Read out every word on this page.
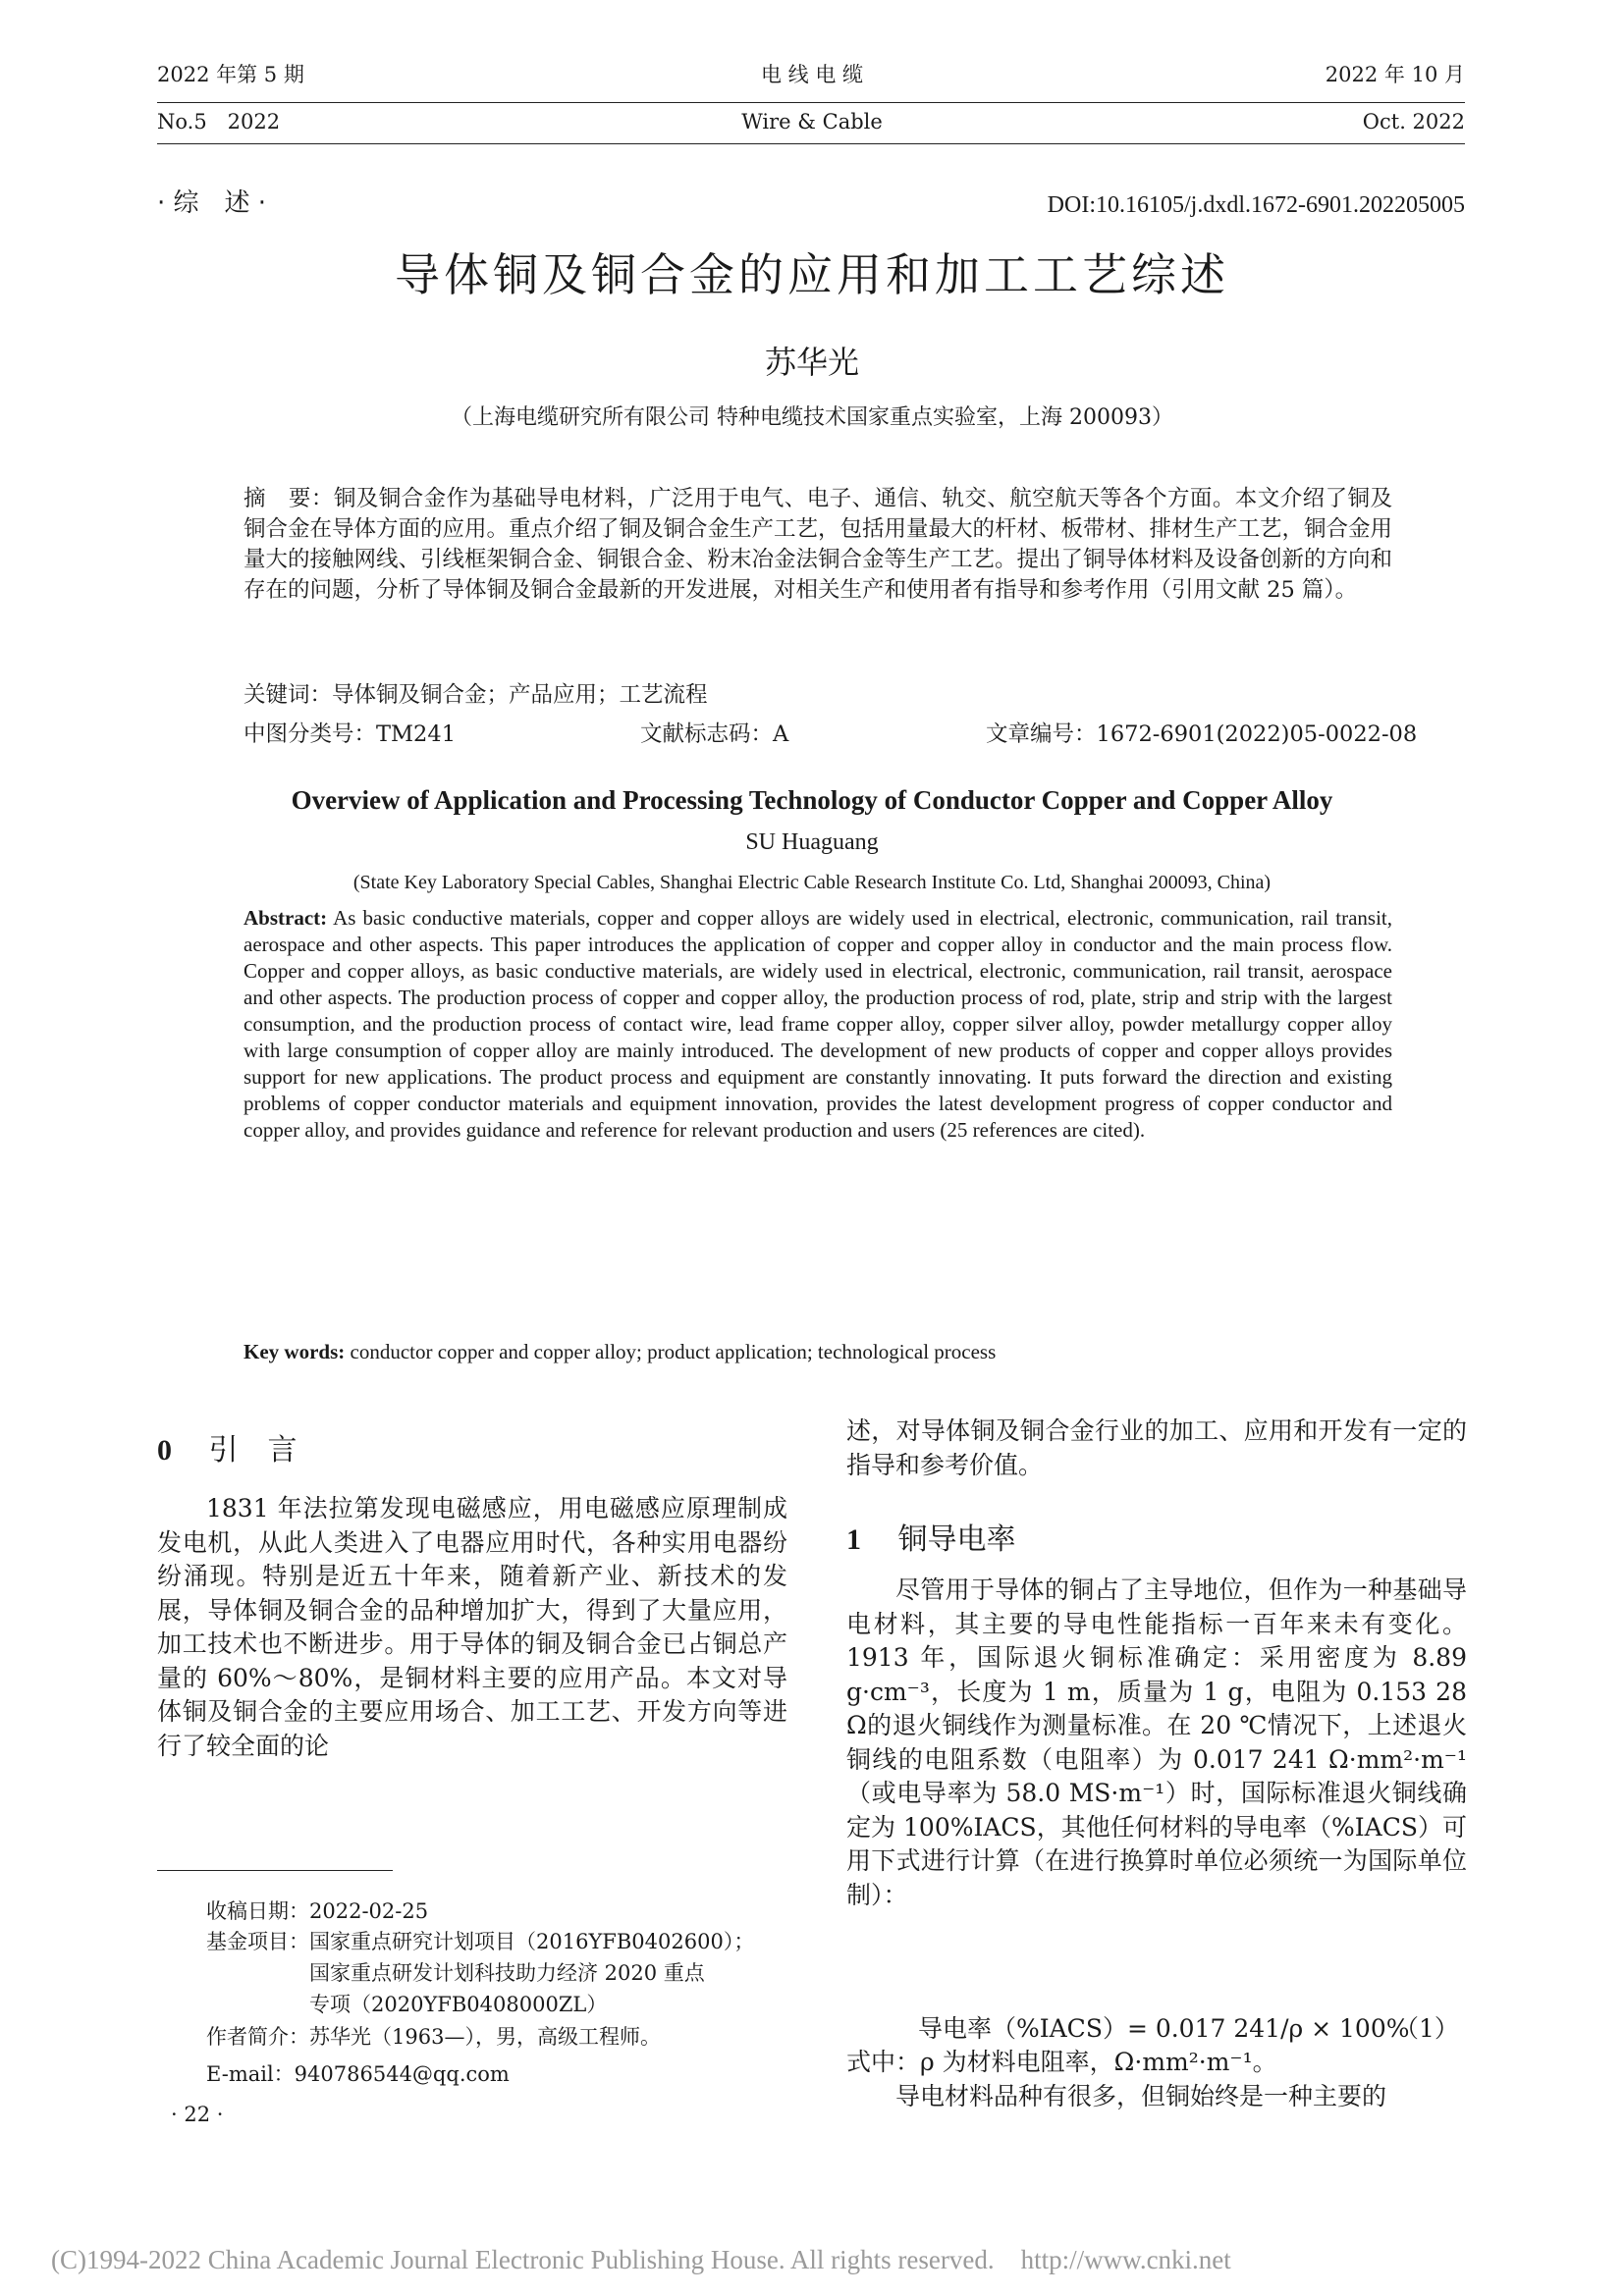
2022 年第 5 期
No.5　2022
电 线 电 缆
Wire & Cable
2022 年 10 月
Oct. 2022
· 综　述 ·	DOI:10.16105/j.dxdl.1672-6901.202205005
导体铜及铜合金的应用和加工工艺综述
苏华光
（上海电缆研究所有限公司 特种电缆技术国家重点实验室，上海 200093）
摘　要：铜及铜合金作为基础导电材料，广泛用于电气、电子、通信、轨交、航空航天等各个方面。本文介绍了铜及铜合金在导体方面的应用。重点介绍了铜及铜合金生产工艺，包括用量最大的杆材、板带材、排材生产工艺，铜合金用量大的接触网线、引线框架铜合金、铜银合金、粉末冶金法铜合金等生产工艺。提出了铜导体材料及设备创新的方向和存在的问题，分析了导体铜及铜合金最新的开发进展，对相关生产和使用者有指导和参考作用（引用文献 25 篇）。
关键词：导体铜及铜合金；产品应用；工艺流程
中图分类号：TM241	文献标志码：A	文章编号：1672-6901(2022)05-0022-08
Overview of Application and Processing Technology of Conductor Copper and Copper Alloy
SU Huaguang
(State Key Laboratory Special Cables, Shanghai Electric Cable Research Institute Co. Ltd, Shanghai 200093, China)
Abstract: As basic conductive materials, copper and copper alloys are widely used in electrical, electronic, communication, rail transit, aerospace and other aspects. This paper introduces the application of copper and copper alloy in conductor and the main process flow. Copper and copper alloys, as basic conductive materials, are widely used in electrical, electronic, communication, rail transit, aerospace and other aspects. The production process of copper and copper alloy, the production process of rod, plate, strip and strip with the largest consumption, and the production process of contact wire, lead frame copper alloy, copper silver alloy, powder metallurgy copper alloy with large consumption of copper alloy are mainly introduced. The development of new products of copper and copper alloys provides support for new applications. The product process and equipment are constantly innovating. It puts forward the direction and existing problems of copper conductor materials and equipment innovation, provides the latest development progress of copper conductor and copper alloy, and provides guidance and reference for relevant production and users (25 references are cited).
Key words: conductor copper and copper alloy; product application; technological process
0 引　言
1831 年法拉第发现电磁感应，用电磁感应原理制成发电机，从此人类进入了电器应用时代，各种实用电器纷纷涌现。特别是近五十年来，随着新产业、新技术的发展，导体铜及铜合金的品种增加扩大，得到了大量应用，加工技术也不断进步。用于导体的铜及铜合金已占铜总产量的 60%～80%，是铜材料主要的应用产品。本文对导体铜及铜合金的主要应用场合、加工工艺、开发方向等进行了较全面的论
收稿日期：2022-02-25
基金项目：国家重点研究计划项目（2016YFB0402600）；
国家重点研发计划科技助力经济 2020 重点
专项（2020YFB0408000ZL）
作者简介：苏华光（1963—），男，高级工程师。
E-mail：940786544@qq.com
· 22 ·
述，对导体铜及铜合金行业的加工、应用和开发有一定的指导和参考价值。
1 铜导电率
尽管用于导体的铜占了主导地位，但作为一种基础导电材料，其主要的导电性能指标一百年来未有变化。1913 年，国际退火铜标准确定：采用密度为 8.89 g·cm⁻³，长度为 1 m，质量为 1 g，电阻为 0.153 28 Ω的退火铜线作为测量标准。在 20 ℃情况下，上述退火铜线的电阻系数（电阻率）为 0.017 241 Ω·mm²·m⁻¹（或电导率为 58.0 MS·m⁻¹）时，国际标准退火铜线确定为 100%IACS，其他任何材料的导电率（%IACS）可用下式进行计算（在进行换算时单位必须统一为国际单位制）：
导电率（%IACS）= 0.017 241/ρ × 100%
（1）
式中：ρ 为材料电阻率，Ω·mm²·m⁻¹。
导电材料品种有很多，但铜始终是一种主要的
(C)1994-2022 China Academic Journal Electronic Publishing House. All rights reserved.　http://www.cnki.net
